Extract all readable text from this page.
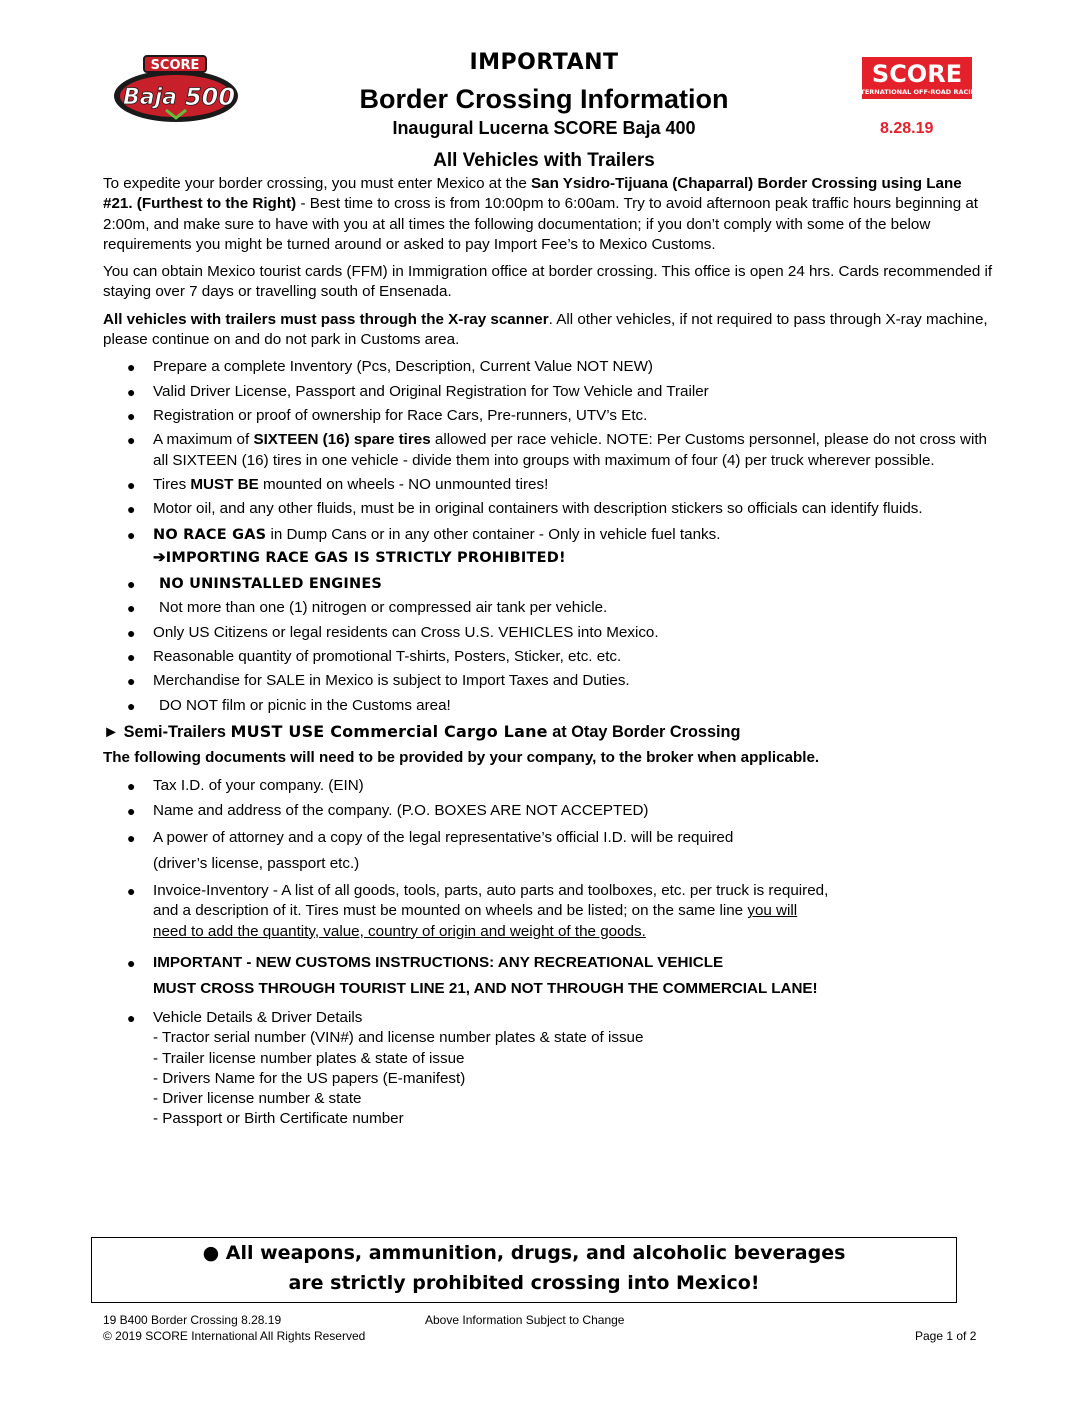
SCORE
Baja 500
SCORE
INTERNATIONAL OFF-ROAD RACING
IMPORTANT
Border Crossing Information
Inaugural Lucerna SCORE Baja 400	8.28.19
All Vehicles with Trailers

To expedite your border crossing, you must enter Mexico at the San Ysidro-Tijuana (Chaparral) Border Crossing using Lane #21. (Furthest to the Right) - Best time to cross is from 10:00pm to 6:00am. Try to avoid afternoon peak traffic hours beginning at 2:00m, and make sure to have with you at all times the following documentation; if you don’t comply with some of the below requirements you might be turned around or asked to pay Import Fee’s to Mexico Customs.

You can obtain Mexico tourist cards (FFM) in Immigration office at border crossing. This office is open 24 hrs. Cards recommended if staying over 7 days or travelling south of Ensenada.

All vehicles with trailers must pass through the X-ray scanner. All other vehicles, if not required to pass through X-ray machine, please continue on and do not park in Customs area.

● Prepare a complete Inventory (Pcs, Description, Current Value NOT NEW)
● Valid Driver License, Passport and Original Registration for Tow Vehicle and Trailer
● Registration or proof of ownership for Race Cars, Pre-runners, UTV’s Etc.
● A maximum of SIXTEEN (16) spare tires allowed per race vehicle. NOTE: Per Customs personnel, please do not cross with all SIXTEEN (16) tires in one vehicle - divide them into groups with maximum of four (4) per truck wherever possible.
● Tires MUST BE mounted on wheels - NO unmounted tires!
● Motor oil, and any other fluids, must be in original containers with description stickers so officials can identify fluids.
● NO RACE GAS in Dump Cans or in any other container - Only in vehicle fuel tanks.
➔IMPORTING RACE GAS IS STRICTLY PROHIBITED!
● NO UNINSTALLED ENGINES
● Not more than one (1) nitrogen or compressed air tank per vehicle.
● Only US Citizens or legal residents can Cross U.S. VEHICLES into Mexico.
● Reasonable quantity of promotional T-shirts, Posters, Sticker, etc. etc.
● Merchandise for SALE in Mexico is subject to Import Taxes and Duties.
● DO NOT film or picnic in the Customs area!
► Semi-Trailers MUST USE Commercial Cargo Lane at Otay Border Crossing

The following documents will need to be provided by your company, to the broker when applicable.

● Tax I.D. of your company. (EIN)
● Name and address of the company. (P.O. BOXES ARE NOT ACCEPTED)
● A power of attorney and a copy of the legal representative’s official I.D. will be required
(driver’s license, passport etc.)
● Invoice-Inventory - A list of all goods, tools, parts, auto parts and toolboxes, etc. per truck is required, and a description of it. Tires must be mounted on wheels and be listed; on the same line you will need to add the quantity, value, country of origin and weight of the goods.
● IMPORTANT - NEW CUSTOMS INSTRUCTIONS: ANY RECREATIONAL VEHICLE
MUST CROSS THROUGH TOURIST LINE 21, AND NOT THROUGH THE COMMERCIAL LANE!
● Vehicle Details & Driver Details
- Tractor serial number (VIN#) and license number plates & state of issue
- Trailer license number plates & state of issue
- Drivers Name for the US papers (E-manifest)
- Driver license number & state
- Passport or Birth Certificate number
● All weapons, ammunition, drugs, and alcoholic beverages
are strictly prohibited crossing into Mexico!
19 B400 Border Crossing 8.28.19	Above Information Subject to Change
© 2019 SCORE International All Rights Reserved	Page 1 of 2
